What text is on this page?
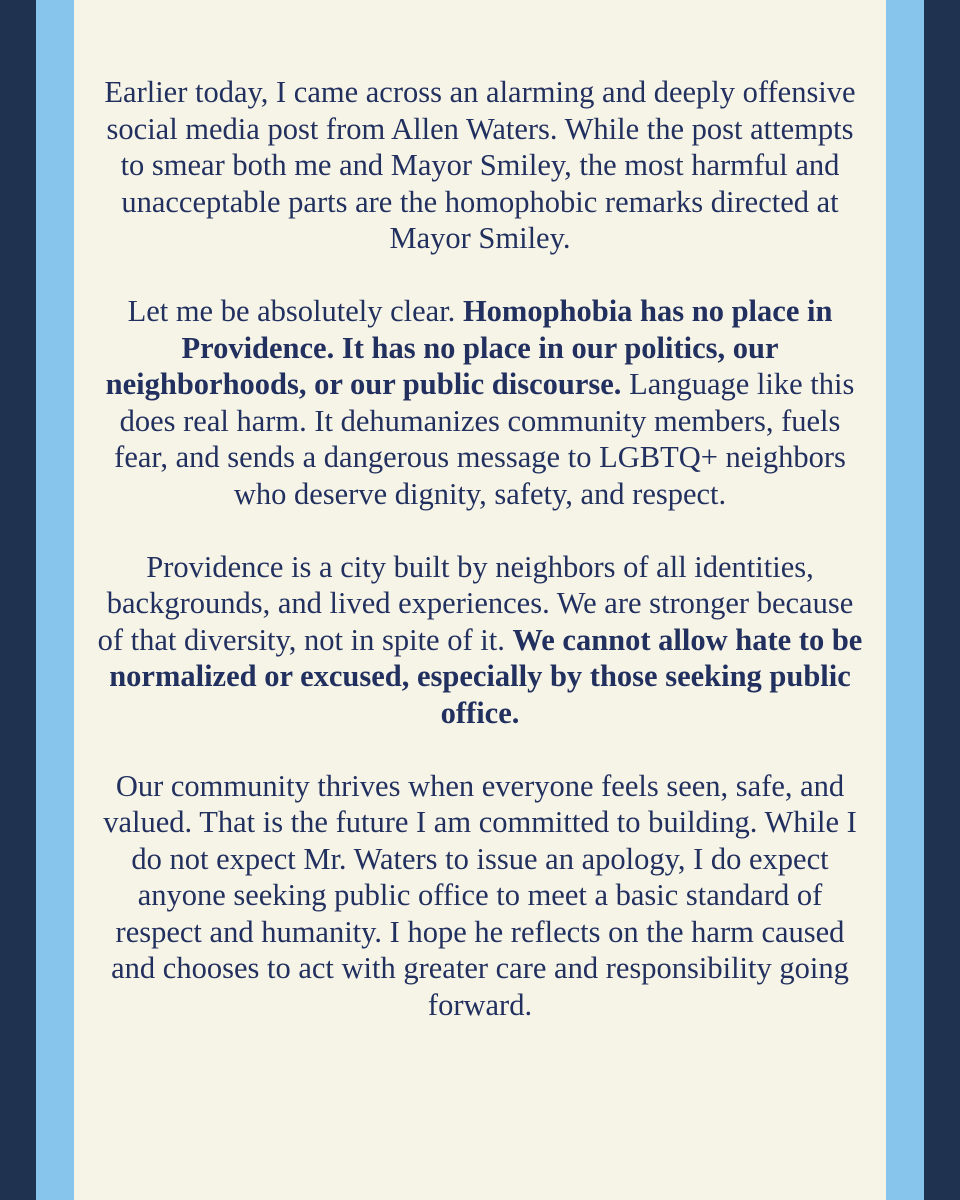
Earlier today, I came across an alarming and deeply offensive social media post from Allen Waters. While the post attempts to smear both me and Mayor Smiley, the most harmful and unacceptable parts are the homophobic remarks directed at Mayor Smiley.

Let me be absolutely clear. Homophobia has no place in Providence. It has no place in our politics, our neighborhoods, or our public discourse. Language like this does real harm. It dehumanizes community members, fuels fear, and sends a dangerous message to LGBTQ+ neighbors who deserve dignity, safety, and respect.

Providence is a city built by neighbors of all identities, backgrounds, and lived experiences. We are stronger because of that diversity, not in spite of it. We cannot allow hate to be normalized or excused, especially by those seeking public office.

Our community thrives when everyone feels seen, safe, and valued. That is the future I am committed to building. While I do not expect Mr. Waters to issue an apology, I do expect anyone seeking public office to meet a basic standard of respect and humanity. I hope he reflects on the harm caused and chooses to act with greater care and responsibility going forward.
